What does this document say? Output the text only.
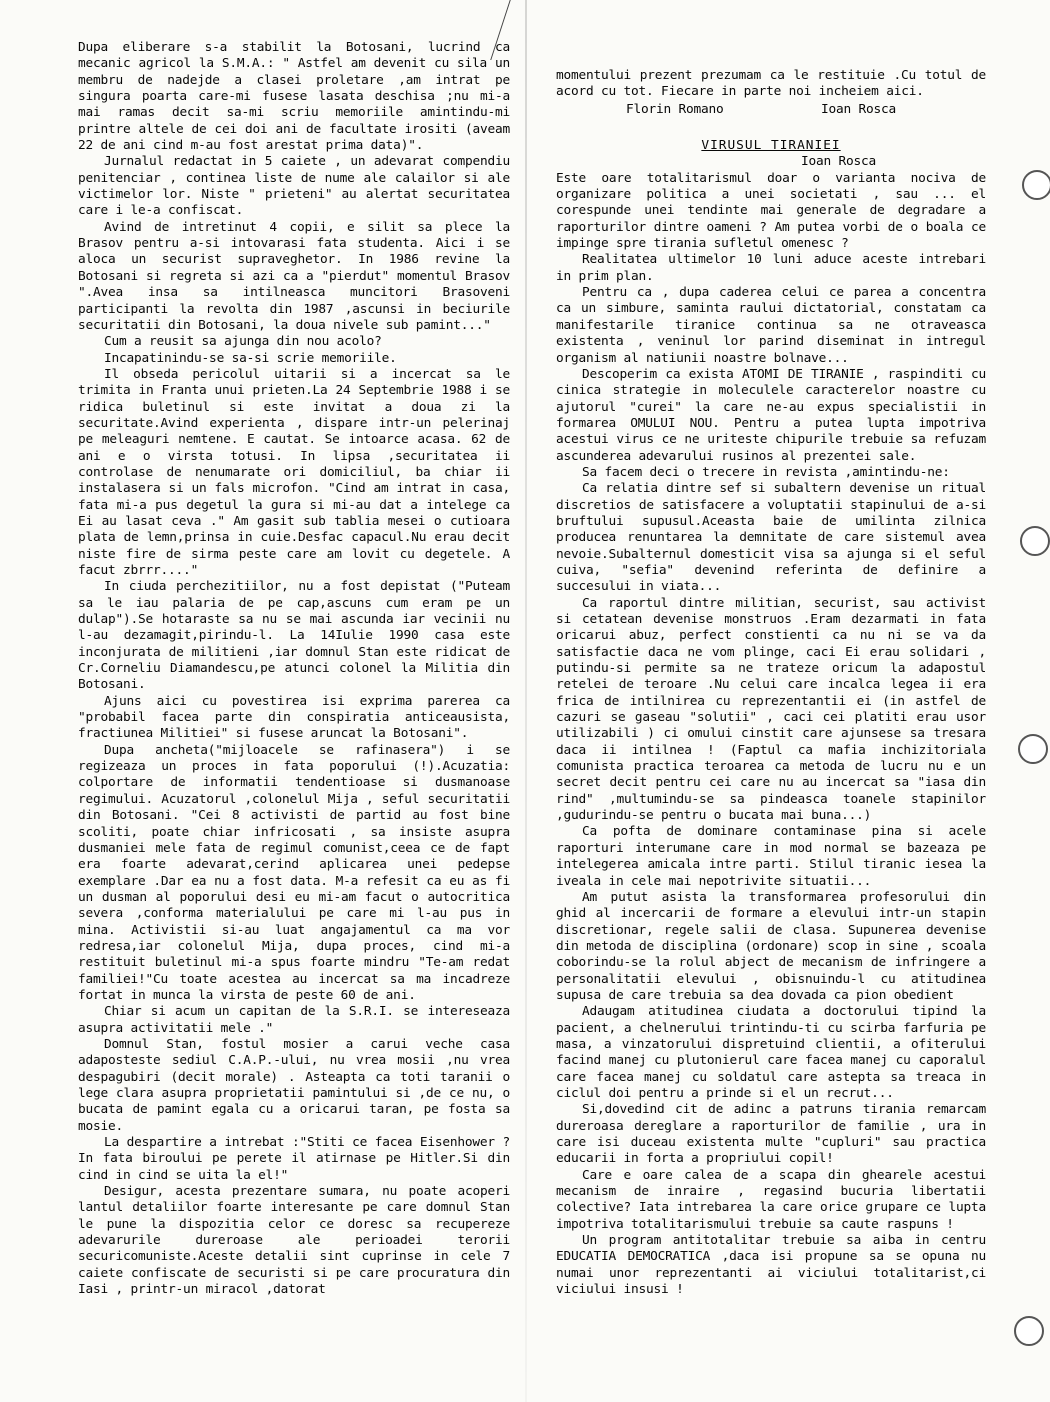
Dupa eliberare s-a stabilit la Botosani, lucrind ca mecanic agricol la S.M.A.: " Astfel am devenit cu sila un membru de nadejde a clasei proletare ,am intrat pe singura poarta care-mi fusese lasata deschisa ;nu mi-a mai ramas decit sa-mi scriu memoriile amintindu-mi printre altele de cei doi ani de facultate irositi (aveam 22 de ani cind m-au fost arestat prima data)".

Jurnalul redactat in 5 caiete , un adevarat compendiu penitenciar , continea liste de nume ale calailor si ale victimelor lor. Niste " prieteni" au alertat securitatea care i le-a confiscat.

Avind de intretinut 4 copii, e silit sa plece la Brasov pentru a-si intovarasi fata studenta. Aici i se aloca un securist supraveghetor. In 1986 revine la Botosani si regreta si azi ca a "pierdut" momentul Brasov ".Avea insa sa intilneasca muncitori Brasoveni participanti la revolta din 1987 ,ascunsi in beciurile securitatii din Botosani, la doua nivele sub pamint..."

Cum a reusit sa ajunga din nou acolo?

Incapatinindu-se sa-si scrie memoriile.

Il obseda pericolul uitarii si a incercat sa le trimita in Franta unui prieten.La 24 Septembrie 1988 i se ridica buletinul si este invitat a doua zi la securitate.Avind experienta , dispare intr-un pelerinaj pe meleaguri nemtene. E cautat. Se intoarce acasa. 62 de ani e o virsta totusi. In lipsa ,securitatea ii controlase de nenumarate ori domiciliul, ba chiar ii instalasera si un fals microfon. "Cind am intrat in casa, fata mi-a pus degetul la gura si mi-au dat a intelege ca Ei au lasat ceva ." Am gasit sub tablia mesei o cutioara plata de lemn,prinsa in cuie.Desfac capacul.Nu erau decit niste fire de sirma peste care am lovit cu degetele. A facut zbrrr...."

In ciuda perchezitiilor, nu a fost depistat ("Puteam sa le iau palaria de pe cap,ascuns cum eram pe un dulap").Se hotaraste sa nu se mai ascunda iar vecinii nu l-au dezamagit,pirindu-l. La 14Iulie 1990 casa este inconjurata de militieni ,iar domnul Stan este ridicat de Cr.Corneliu Diamandescu,pe atunci colonel la Militia din Botosani.

Ajuns aici cu povestirea isi exprima parerea ca "probabil facea parte din conspiratia anticeausista, fractiunea Militiei" si fusese aruncat la Botosani".

Dupa ancheta("mijloacele se rafinasera") i se regizeaza un proces in fata poporului (!).Acuzatia: colportare de informatii tendentioase si dusmanoase regimului. Acuzatorul ,colonelul Mija , seful securitatii din Botosani. "Cei 8 activisti de partid au fost bine scoliti, poate chiar infricosati , sa insiste asupra dusmaniei mele fata de regimul comunist,ceea ce de fapt era foarte adevarat,cerind aplicarea unei pedepse exemplare .Dar ea nu a fost data. M-a refesit ca eu as fi un dusman al poporului desi eu mi-am facut o autocritica severa ,conforma materialului pe care mi l-au pus in mina. Activistii si-au luat angajamentul ca ma vor redresa,iar colonelul Mija, dupa proces, cind mi-a restituit buletinul mi-a spus foarte mindru "Te-am redat familiei!"Cu toate acestea au incercat sa ma incadreze fortat in munca la virsta de peste 60 de ani.

Chiar si acum un capitan de la S.R.I. se intereseaza asupra activitatii mele ."

Domnul Stan, fostul mosier a carui veche casa adaposteste sediul C.A.P.-ului, nu vrea mosii ,nu vrea despagubiri (decit morale) . Asteapta ca toti taranii o lege clara asupra proprietatii pamintului si ,de ce nu, o bucata de pamint egala cu a oricarui taran, pe fosta sa mosie.

La despartire a intrebat :"Stiti ce facea Eisenhower ? In fata biroului pe perete il atirnase pe Hitler.Si din cind in cind se uita la el!"

Desigur, acesta prezentare sumara, nu poate acoperi lantul detaliilor foarte interesante pe care domnul Stan le pune la dispozitia celor ce doresc sa recupereze adevarurile dureroase ale perioadei terorii securicomuniste.Aceste detalii sint cuprinse in cele 7 caiete confiscate de securisti si pe care procuratura din Iasi , printr-un miracol ,datorat

momentului prezent prezumam ca le restituie .Cu totul de acord cu tot. Fiecare in parte noi incheiem aici.

Florin Romano	Ioan Rosca
VIRUSUL TIRANIEI
Ioan Rosca

Este oare totalitarismul doar o varianta nociva de organizare politica a unei societati , sau ... el corespunde unei tendinte mai generale de degradare a raporturilor dintre oameni ? Am putea vorbi de o boala ce impinge spre tirania sufletul omenesc ?

Realitatea ultimelor 10 luni aduce aceste intrebari in prim plan.

Pentru ca , dupa caderea celui ce parea a concentra ca un simbure, saminta raului dictatorial, constatam ca manifestarile tiranice continua sa ne otraveasca existenta , veninul lor parind diseminat in intregul organism al natiunii noastre bolnave...

Descoperim ca exista ATOMI DE TIRANIE , raspinditi cu cinica strategie in moleculele caracterelor noastre cu ajutorul "curei" la care ne-au expus specialistii in formarea OMULUI NOU. Pentru a putea lupta impotriva acestui virus ce ne uriteste chipurile trebuie sa refuzam ascunderea adevarului rusinos al prezentei sale.

Sa facem deci o trecere in revista ,amintindu-ne:

Ca relatia dintre sef si subaltern devenise un ritual discretios de satisfacere a voluptatii stapinului de a-si bruftului supusul.Aceasta baie de umilinta zilnica producea renuntarea la demnitate de care sistemul avea nevoie.Subalternul domesticit visa sa ajunga si el seful cuiva, "sefia" devenind referinta de definire a succesului in viata...

Ca raportul dintre militian, securist, sau activist si cetatean devenise monstruos .Eram dezarmati in fata oricarui abuz, perfect constienti ca nu ni se va da satisfactie daca ne vom plinge, caci Ei erau solidari , putindu-si permite sa ne trateze oricum la adapostul retelei de teroare .Nu celui care incalca legea ii era frica de intilnirea cu reprezentantii ei (in astfel de cazuri se gaseau "solutii" , caci cei platiti erau usor utilizabili ) ci omului cinstit care ajunsese sa tresara daca ii intilnea ! (Faptul ca mafia inchizitoriala comunista practica teroarea ca metoda de lucru nu e un secret decit pentru cei care nu au incercat sa "iasa din rind" ,multumindu-se sa pindeasca toanele stapinilor ,gudurindu-se pentru o bucata mai buna...)

Ca pofta de dominare contaminase pina si acele raporturi interumane care in mod normal se bazeaza pe intelegerea amicala intre parti. Stilul tiranic iesea la iveala in cele mai nepotrivite situatii...

Am putut asista la transformarea profesorului din ghid al incercarii de formare a elevului intr-un stapin discretionar, regele salii de clasa. Supunerea devenise din metoda de disciplina (ordonare) scop in sine , scoala coborindu-se la rolul abject de mecanism de infringere a personalitatii elevului , obisnuindu-l cu atitudinea supusa de care trebuia sa dea dovada ca pion obedient

Adaugam atitudinea ciudata a doctorului tipind la pacient, a chelnerului trintindu-ti cu scirba farfuria pe masa, a vinzatorului dispretuind clientii, a ofiterului facind manej cu plutonierul care facea manej cu caporalul care facea manej cu soldatul care astepta sa treaca in ciclul doi pentru a prinde si el un recrut...

Si,dovedind cit de adinc a patruns tirania remarcam dureroasa dereglare a raporturilor de familie , ura in care isi duceau existenta multe "cupluri" sau practica educarii in forta a propriului copil!

Care e oare calea de a scapa din ghearele acestui mecanism de inraire , regasind bucuria libertatii colective? Iata intrebarea la care orice grupare ce lupta impotriva totalitarismului trebuie sa caute raspuns !

Un program antitotalitar trebuie sa aiba in centru EDUCATIA DEMOCRATICA ,daca isi propune sa se opuna nu numai unor reprezentanti ai viciului totalitarist,ci viciului insusi !
